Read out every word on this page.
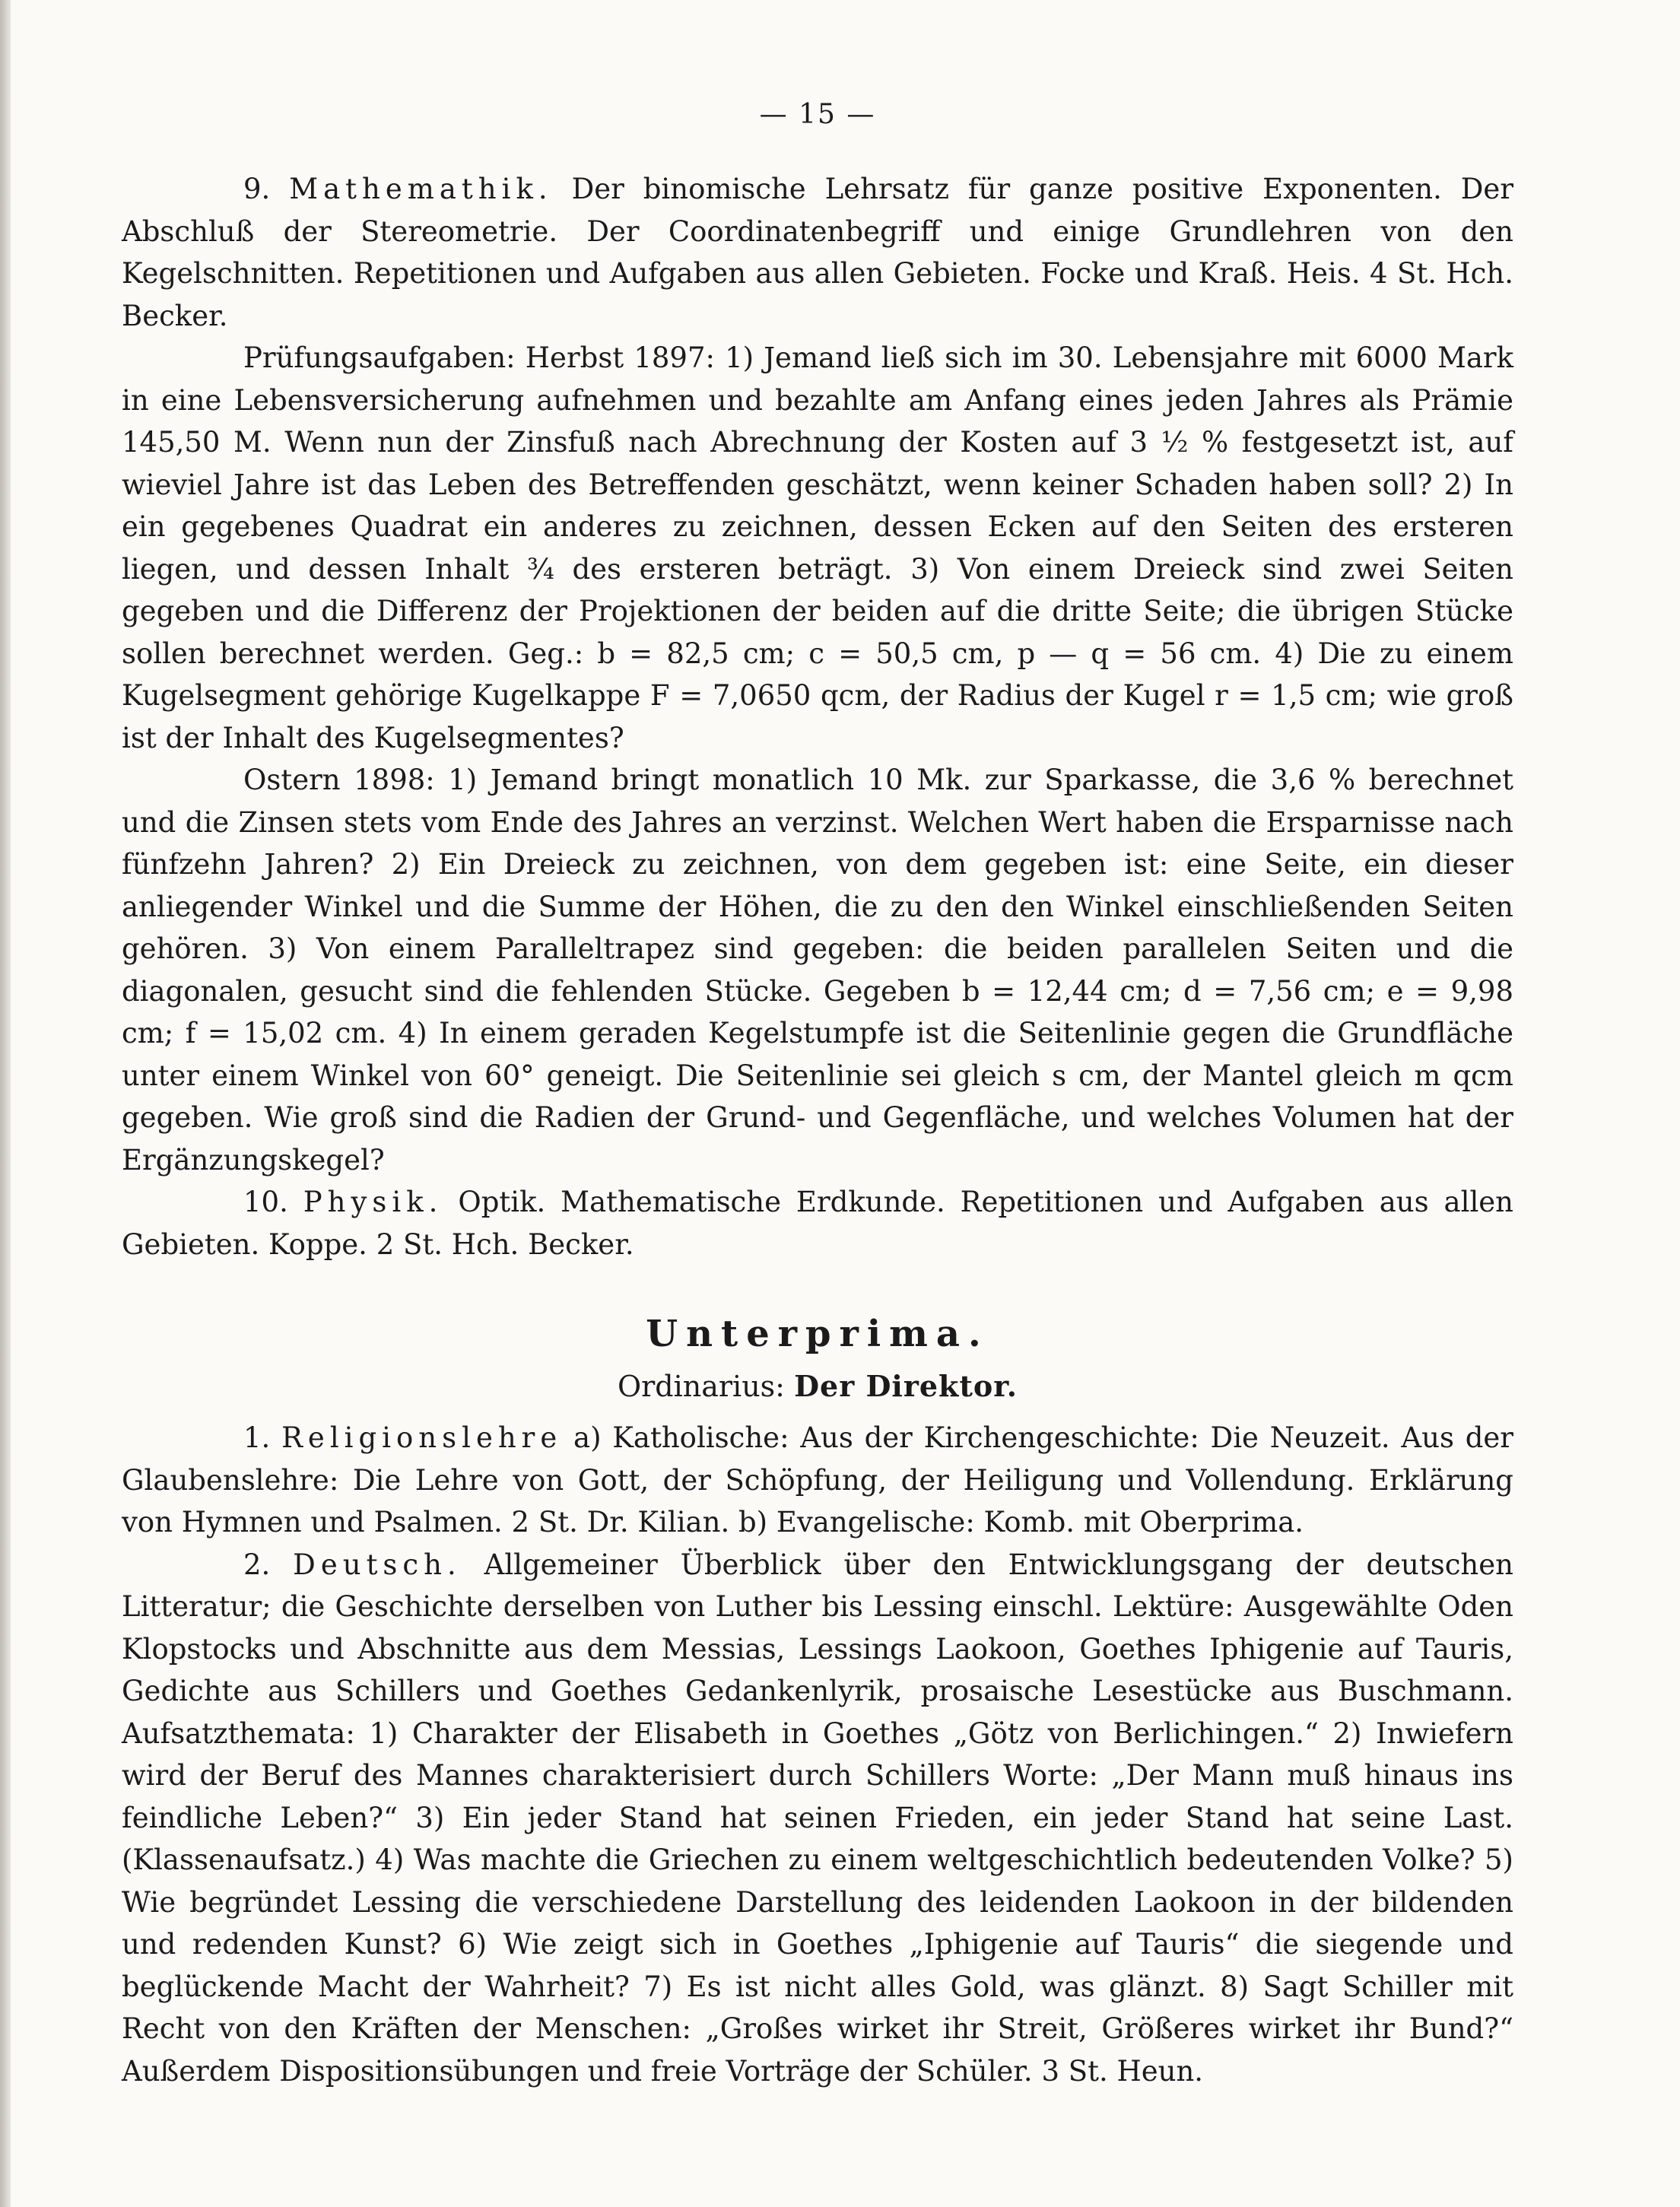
— 15 —

9. Mathemathik. Der binomische Lehrsatz für ganze positive Exponenten. Der Abschluß der Stereometrie. Der Coordinatenbegriff und einige Grundlehren von den Kegelschnitten. Repetitionen und Aufgaben aus allen Gebieten. Focke und Kraß. Heis. 4 St. Hch. Becker.

Prüfungsaufgaben: Herbst 1897: 1) Jemand ließ sich im 30. Lebensjahre mit 6000 Mark in eine Lebensversicherung aufnehmen und bezahlte am Anfang eines jeden Jahres als Prämie 145,50 M. Wenn nun der Zinsfuß nach Abrechnung der Kosten auf 3 ½ % festgesetzt ist, auf wieviel Jahre ist das Leben des Betreffenden geschätzt, wenn keiner Schaden haben soll? 2) In ein gegebenes Quadrat ein anderes zu zeichnen, dessen Ecken auf den Seiten des ersteren liegen, und dessen Inhalt ¾ des ersteren beträgt. 3) Von einem Dreieck sind zwei Seiten gegeben und die Differenz der Projektionen der beiden auf die dritte Seite; die übrigen Stücke sollen berechnet werden. Geg.: b = 82,5 cm; c = 50,5 cm, p — q = 56 cm. 4) Die zu einem Kugelsegment gehörige Kugelkappe F = 7,0650 qcm, der Radius der Kugel r = 1,5 cm; wie groß ist der Inhalt des Kugelsegmentes?

Ostern 1898: 1) Jemand bringt monatlich 10 Mk. zur Sparkasse, die 3,6 % berechnet und die Zinsen stets vom Ende des Jahres an verzinst. Welchen Wert haben die Ersparnisse nach fünfzehn Jahren? 2) Ein Dreieck zu zeichnen, von dem gegeben ist: eine Seite, ein dieser anliegender Winkel und die Summe der Höhen, die zu den den Winkel einschließenden Seiten gehören. 3) Von einem Paralleltrapez sind gegeben: die beiden parallelen Seiten und die diagonalen, gesucht sind die fehlenden Stücke. Gegeben b = 12,44 cm; d = 7,56 cm; e = 9,98 cm; f = 15,02 cm. 4) In einem geraden Kegelstumpfe ist die Seitenlinie gegen die Grundfläche unter einem Winkel von 60° geneigt. Die Seitenlinie sei gleich s cm, der Mantel gleich m qcm gegeben. Wie groß sind die Radien der Grund- und Gegenfläche, und welches Volumen hat der Ergänzungskegel?

10. Physik. Optik. Mathematische Erdkunde. Repetitionen und Aufgaben aus allen Gebieten. Koppe. 2 St. Hch. Becker.

Unterprima.
Ordinarius: Der Direktor.

1. Religionslehre a) Katholische: Aus der Kirchengeschichte: Die Neuzeit. Aus der Glaubenslehre: Die Lehre von Gott, der Schöpfung, der Heiligung und Vollendung. Erklärung von Hymnen und Psalmen. 2 St. Dr. Kilian. b) Evangelische: Komb. mit Oberprima.

2. Deutsch. Allgemeiner Überblick über den Entwicklungsgang der deutschen Litteratur; die Geschichte derselben von Luther bis Lessing einschl. Lektüre: Ausgewählte Oden Klopstocks und Abschnitte aus dem Messias, Lessings Laokoon, Goethes Iphigenie auf Tauris, Gedichte aus Schillers und Goethes Gedankenlyrik, prosaische Lesestücke aus Buschmann. Aufsatzthemata: 1) Charakter der Elisabeth in Goethes „Götz von Berlichingen.“ 2) Inwiefern wird der Beruf des Mannes charakterisiert durch Schillers Worte: „Der Mann muß hinaus ins feindliche Leben?“ 3) Ein jeder Stand hat seinen Frieden, ein jeder Stand hat seine Last. (Klassenaufsatz.) 4) Was machte die Griechen zu einem weltgeschichtlich bedeutenden Volke? 5) Wie begründet Lessing die verschiedene Darstellung des leidenden Laokoon in der bildenden und redenden Kunst? 6) Wie zeigt sich in Goethes „Iphigenie auf Tauris“ die siegende und beglückende Macht der Wahrheit? 7) Es ist nicht alles Gold, was glänzt. 8) Sagt Schiller mit Recht von den Kräften der Menschen: „Großes wirket ihr Streit, Größeres wirket ihr Bund?“ Außerdem Dispositionsübungen und freie Vorträge der Schüler. 3 St. Heun.
